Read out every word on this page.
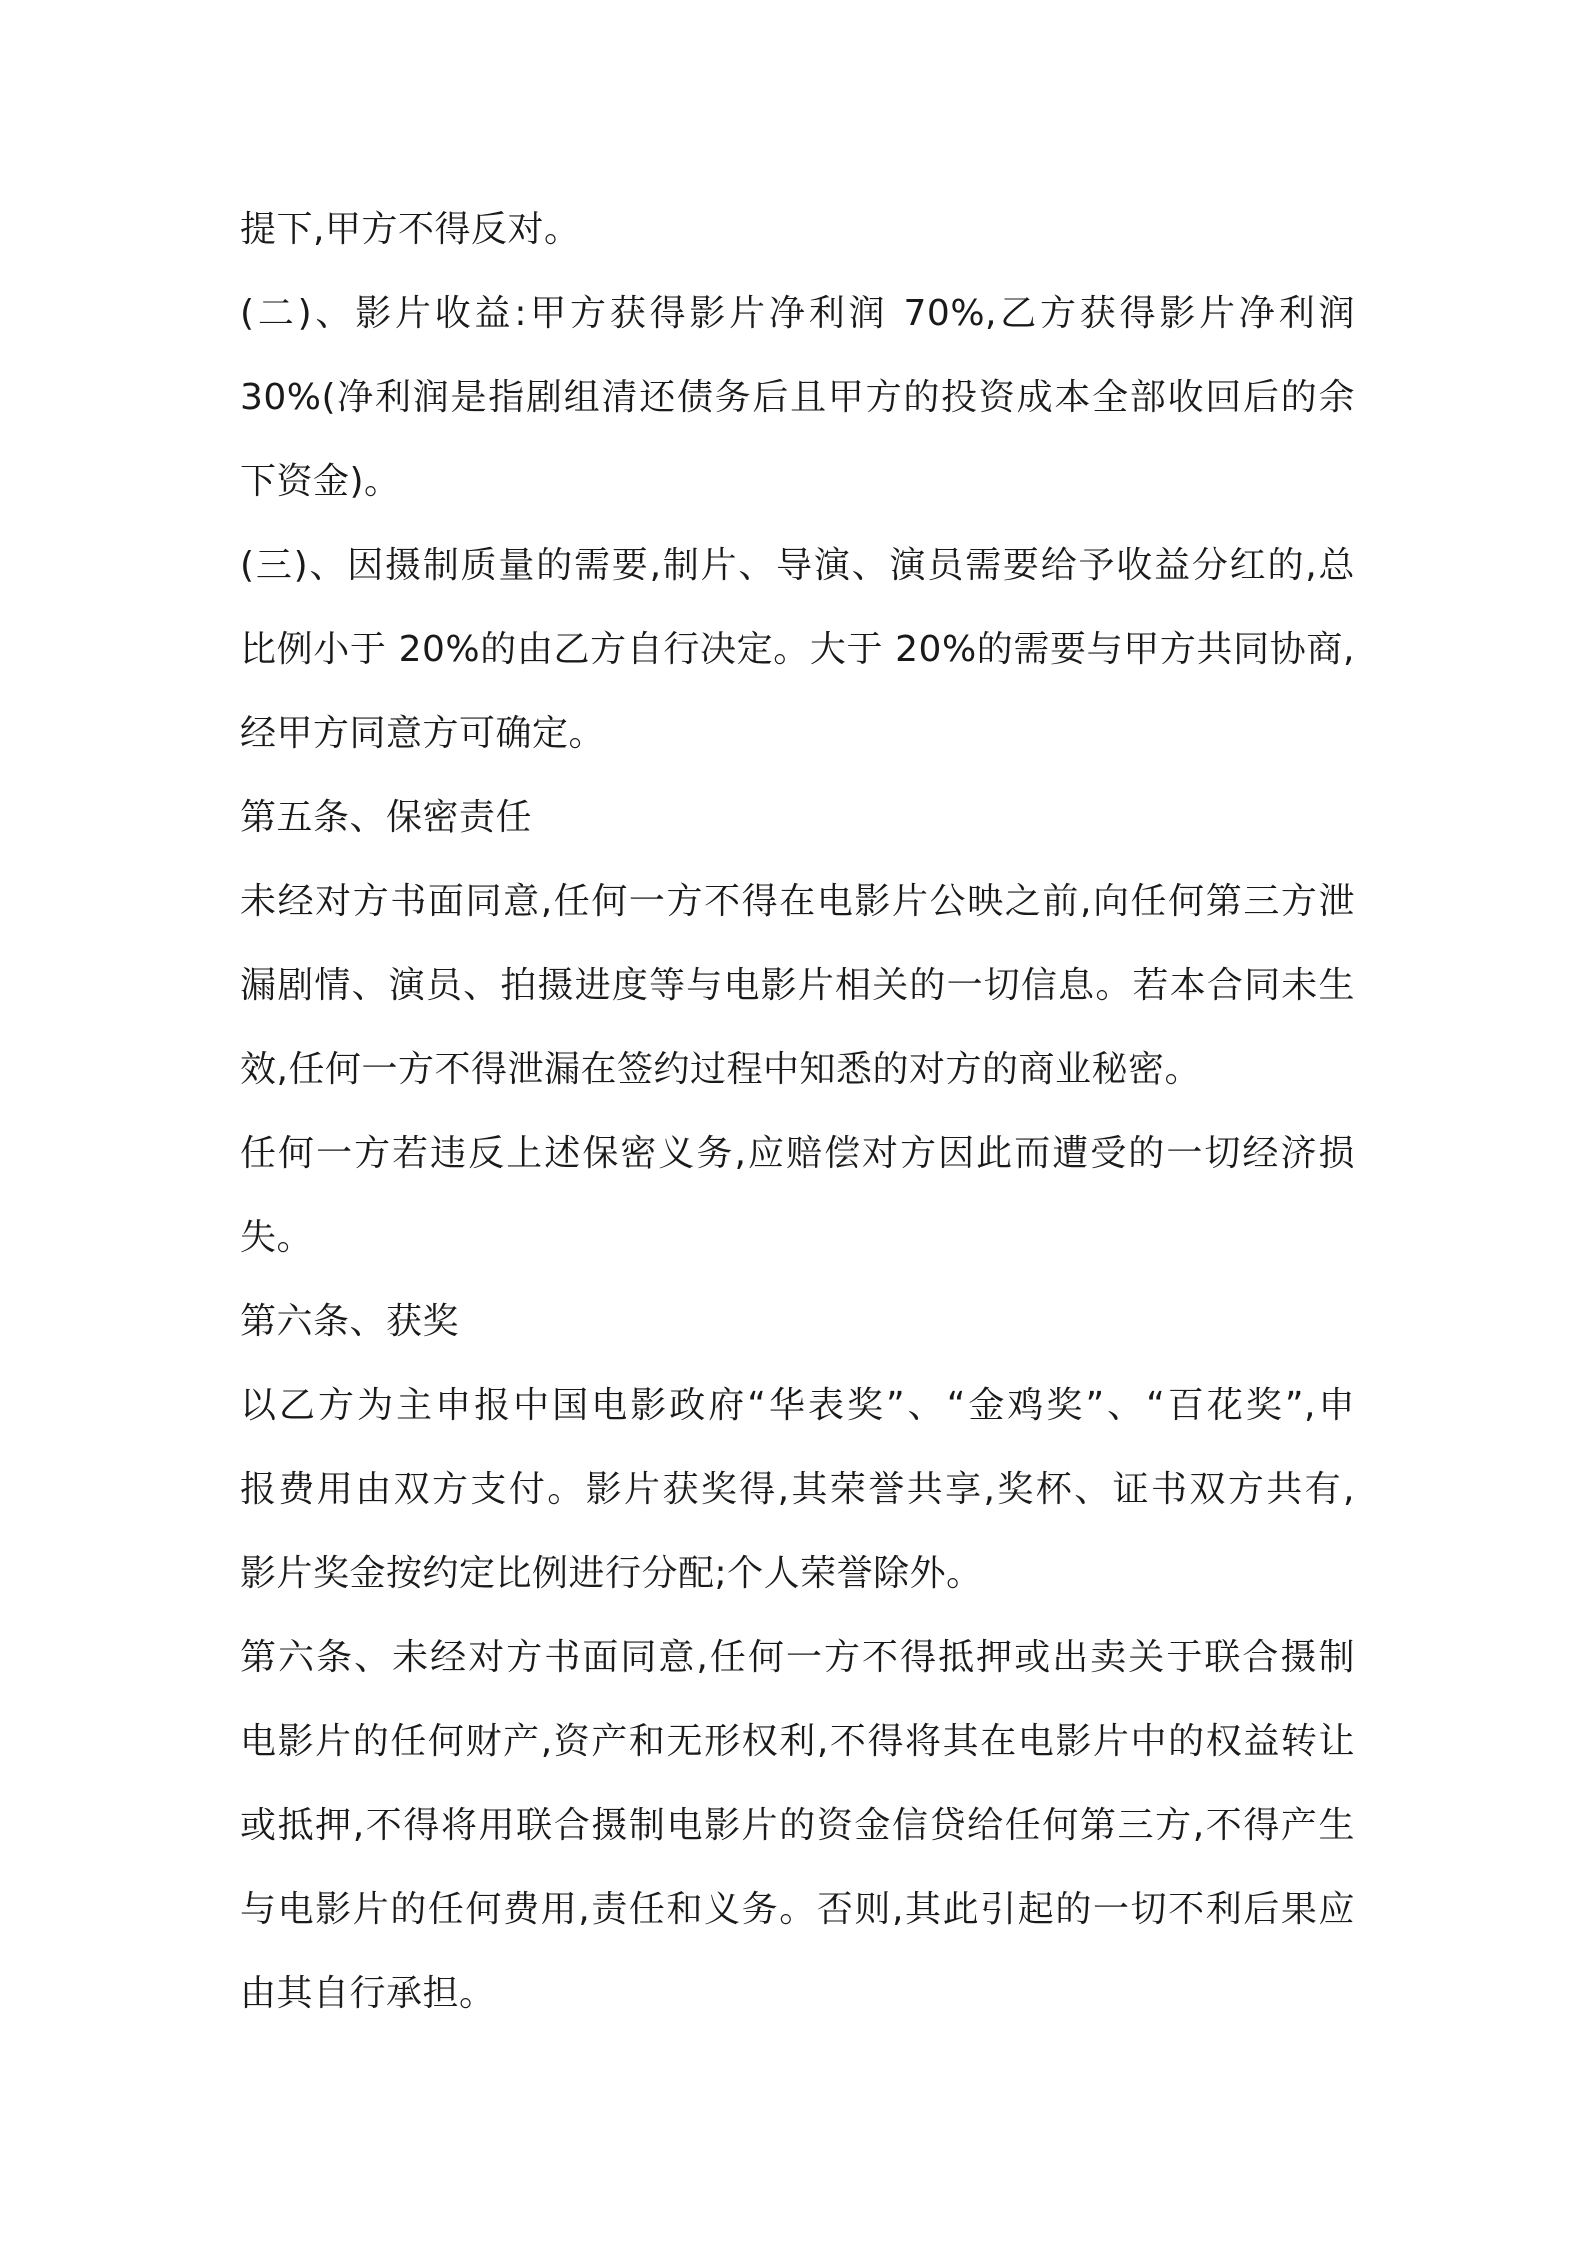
提下,甲方不得反对。
(二)、影片收益:甲方获得影片净利润 70%,乙方获得影片净利润
30%(净利润是指剧组清还债务后且甲方的投资成本全部收回后的余
下资金)。
(三)、因摄制质量的需要,制片、导演、演员需要给予收益分红的,总
比例小于 20%的由乙方自行决定。大于 20%的需要与甲方共同协商,
经甲方同意方可确定。
第五条、保密责任
未经对方书面同意,任何一方不得在电影片公映之前,向任何第三方泄
漏剧情、演员、拍摄进度等与电影片相关的一切信息。若本合同未生
效,任何一方不得泄漏在签约过程中知悉的对方的商业秘密。
任何一方若违反上述保密义务,应赔偿对方因此而遭受的一切经济损
失。
第六条、获奖
以乙方为主申报中国电影政府“华表奖”、“金鸡奖”、“百花奖”,申
报费用由双方支付。影片获奖得,其荣誉共享,奖杯、证书双方共有,
影片奖金按约定比例进行分配;个人荣誉除外。
第六条、未经对方书面同意,任何一方不得抵押或出卖关于联合摄制
电影片的任何财产,资产和无形权利,不得将其在电影片中的权益转让
或抵押,不得将用联合摄制电影片的资金信贷给任何第三方,不得产生
与电影片的任何费用,责任和义务。否则,其此引起的一切不利后果应
由其自行承担。
